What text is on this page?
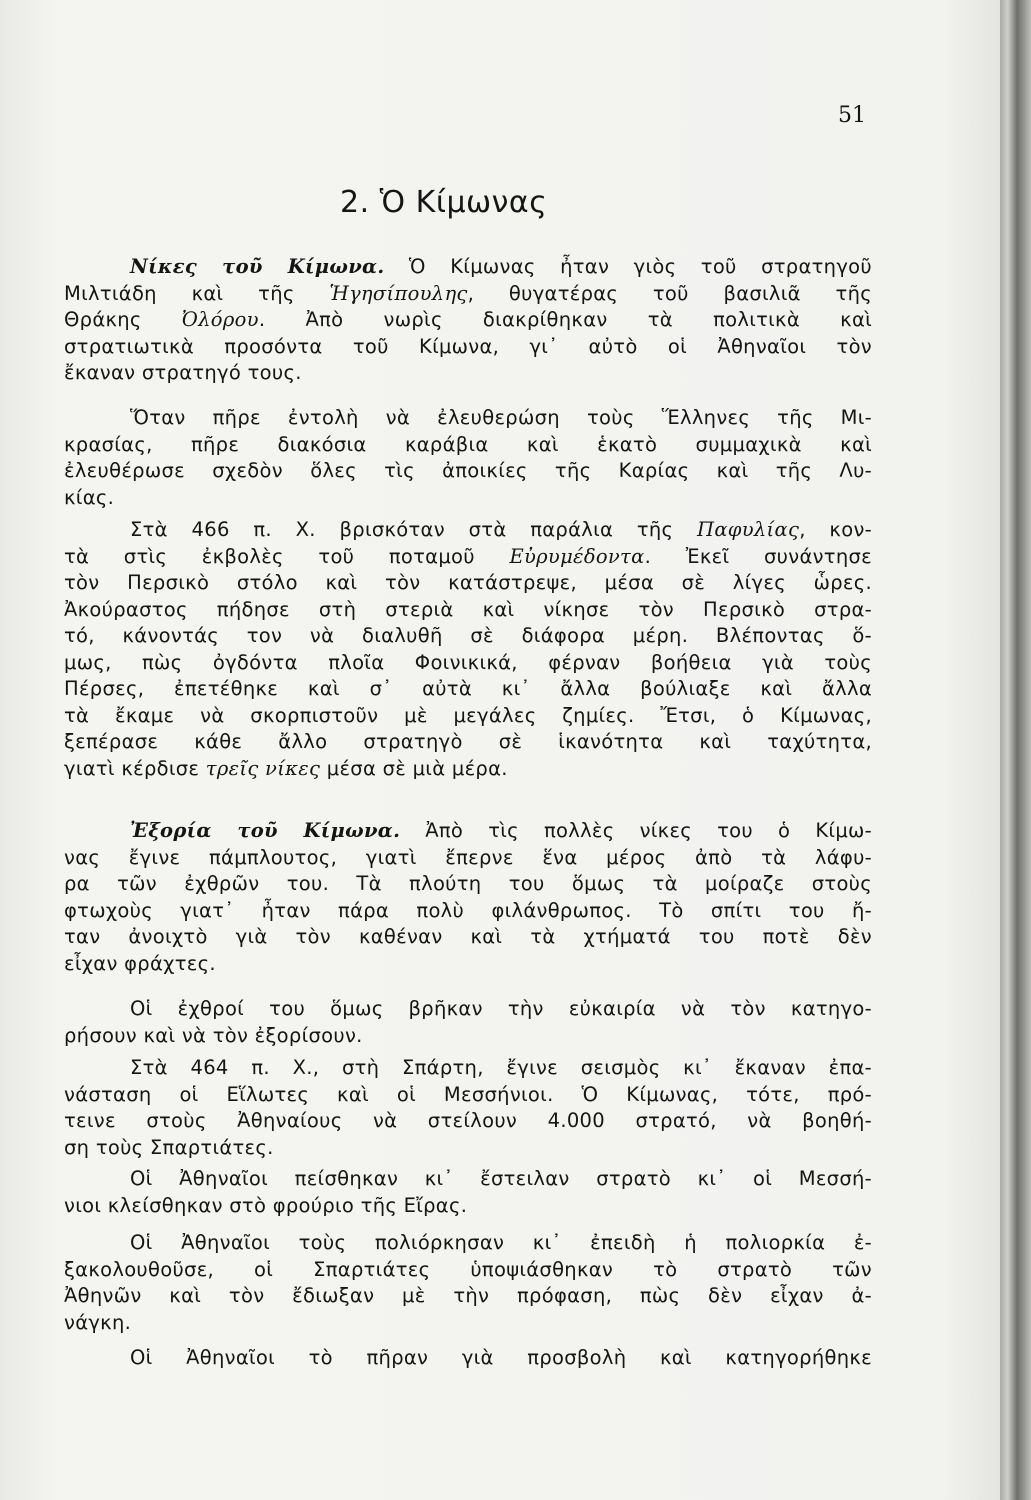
51
2. Ὁ Κίμωνας
Νίκες τοῦ Κίμωνα. Ὁ Κίμωνας ἦταν γιὸς τοῦ στρατηγοῦ
Μιλτιάδη καὶ τῆς Ἡγησίπουλης, θυγατέρας τοῦ βασιλιᾶ τῆς
Θράκης Ὀλόρου. Ἀπὸ νωρὶς διακρίθηκαν τὰ πολιτικὰ καὶ
στρατιωτικὰ προσόντα τοῦ Κίμωνα, γι᾽ αὐτὸ οἱ Ἀθηναῖοι τὸν
ἔκαναν στρατηγό τους.
Ὅταν πῆρε ἐντολὴ νὰ ἐλευθερώση τοὺς Ἕλληνες τῆς Μι-
κρασίας, πῆρε διακόσια καράβια καὶ ἑκατὸ συμμαχικὰ καὶ
ἐλευθέρωσε σχεδὸν ὅλες τὶς ἀποικίες τῆς Καρίας καὶ τῆς Λυ-
κίας.
Στὰ 466 π. Χ. βρισκόταν στὰ παράλια τῆς Παφυλίας, κον-
τὰ στὶς ἐκβολὲς τοῦ ποταμοῦ Εὐρυμέδοντα. Ἐκεῖ συνάντησε
τὸν Περσικὸ στόλο καὶ τὸν κατάστρεψε, μέσα σὲ λίγες ὧρες.
Ἀκούραστος πήδησε στὴ στεριὰ καὶ νίκησε τὸν Περσικὸ στρα-
τό, κάνοντάς τον νὰ διαλυθῆ σὲ διάφορα μέρη. Βλέποντας ὅ-
μως, πὼς ὀγδόντα πλοῖα Φοινικικά, φέρναν βοήθεια γιὰ τοὺς
Πέρσες, ἐπετέθηκε καὶ σ᾽ αὐτὰ κι᾽ ἄλλα βούλιαξε καὶ ἄλλα
τὰ ἔκαμε νὰ σκορπιστοῦν μὲ μεγάλες ζημίες. Ἔτσι, ὁ Κίμωνας,
ξεπέρασε κάθε ἄλλο στρατηγὸ σὲ ἱκανότητα καὶ ταχύτητα,
γιατὶ κέρδισε τρεῖς νίκες μέσα σὲ μιὰ μέρα.
Ἐξορία τοῦ Κίμωνα. Ἀπὸ τὶς πολλὲς νίκες του ὁ Κίμω-
νας ἔγινε πάμπλουτος, γιατὶ ἔπερνε ἕνα μέρος ἀπὸ τὰ λάφυ-
ρα τῶν ἐχθρῶν του. Τὰ πλούτη του ὅμως τὰ μοίραζε στοὺς
φτωχοὺς γιατ᾽ ἦταν πάρα πολὺ φιλάνθρωπος. Τὸ σπίτι του ἤ-
ταν ἀνοιχτὸ γιὰ τὸν καθέναν καὶ τὰ χτήματά του ποτὲ δὲν
εἶχαν φράχτες.
Οἱ ἐχθροί του ὅμως βρῆκαν τὴν εὐκαιρία νὰ τὸν κατηγο-
ρήσουν καὶ νὰ τὸν ἐξορίσουν.
Στὰ 464 π. Χ., στὴ Σπάρτη, ἔγινε σεισμὸς κι᾽ ἔκαναν ἐπα-
νάσταση οἱ Εἵλωτες καὶ οἱ Μεσσήνιοι. Ὁ Κίμωνας, τότε, πρό-
τεινε στοὺς Ἀθηναίους νὰ στείλουν 4.000 στρατό, νὰ βοηθή-
ση τοὺς Σπαρτιάτες.
Οἱ Ἀθηναῖοι πείσθηκαν κι᾽ ἔστειλαν στρατὸ κι᾽ οἱ Μεσσή-
νιοι κλείσθηκαν στὸ φρούριο τῆς Εἴρας.
Οἱ Ἀθηναῖοι τοὺς πολιόρκησαν κι᾽ ἐπειδὴ ἡ πολιορκία ἐ-
ξακολουθοῦσε, οἱ Σπαρτιάτες ὑποψιάσθηκαν τὸ στρατὸ τῶν
Ἀθηνῶν καὶ τὸν ἔδιωξαν μὲ τὴν πρόφαση, πὼς δὲν εἶχαν ἀ-
νάγκη.
Οἱ Ἀθηναῖοι τὸ πῆραν γιὰ προσβολὴ καὶ κατηγορήθηκε
